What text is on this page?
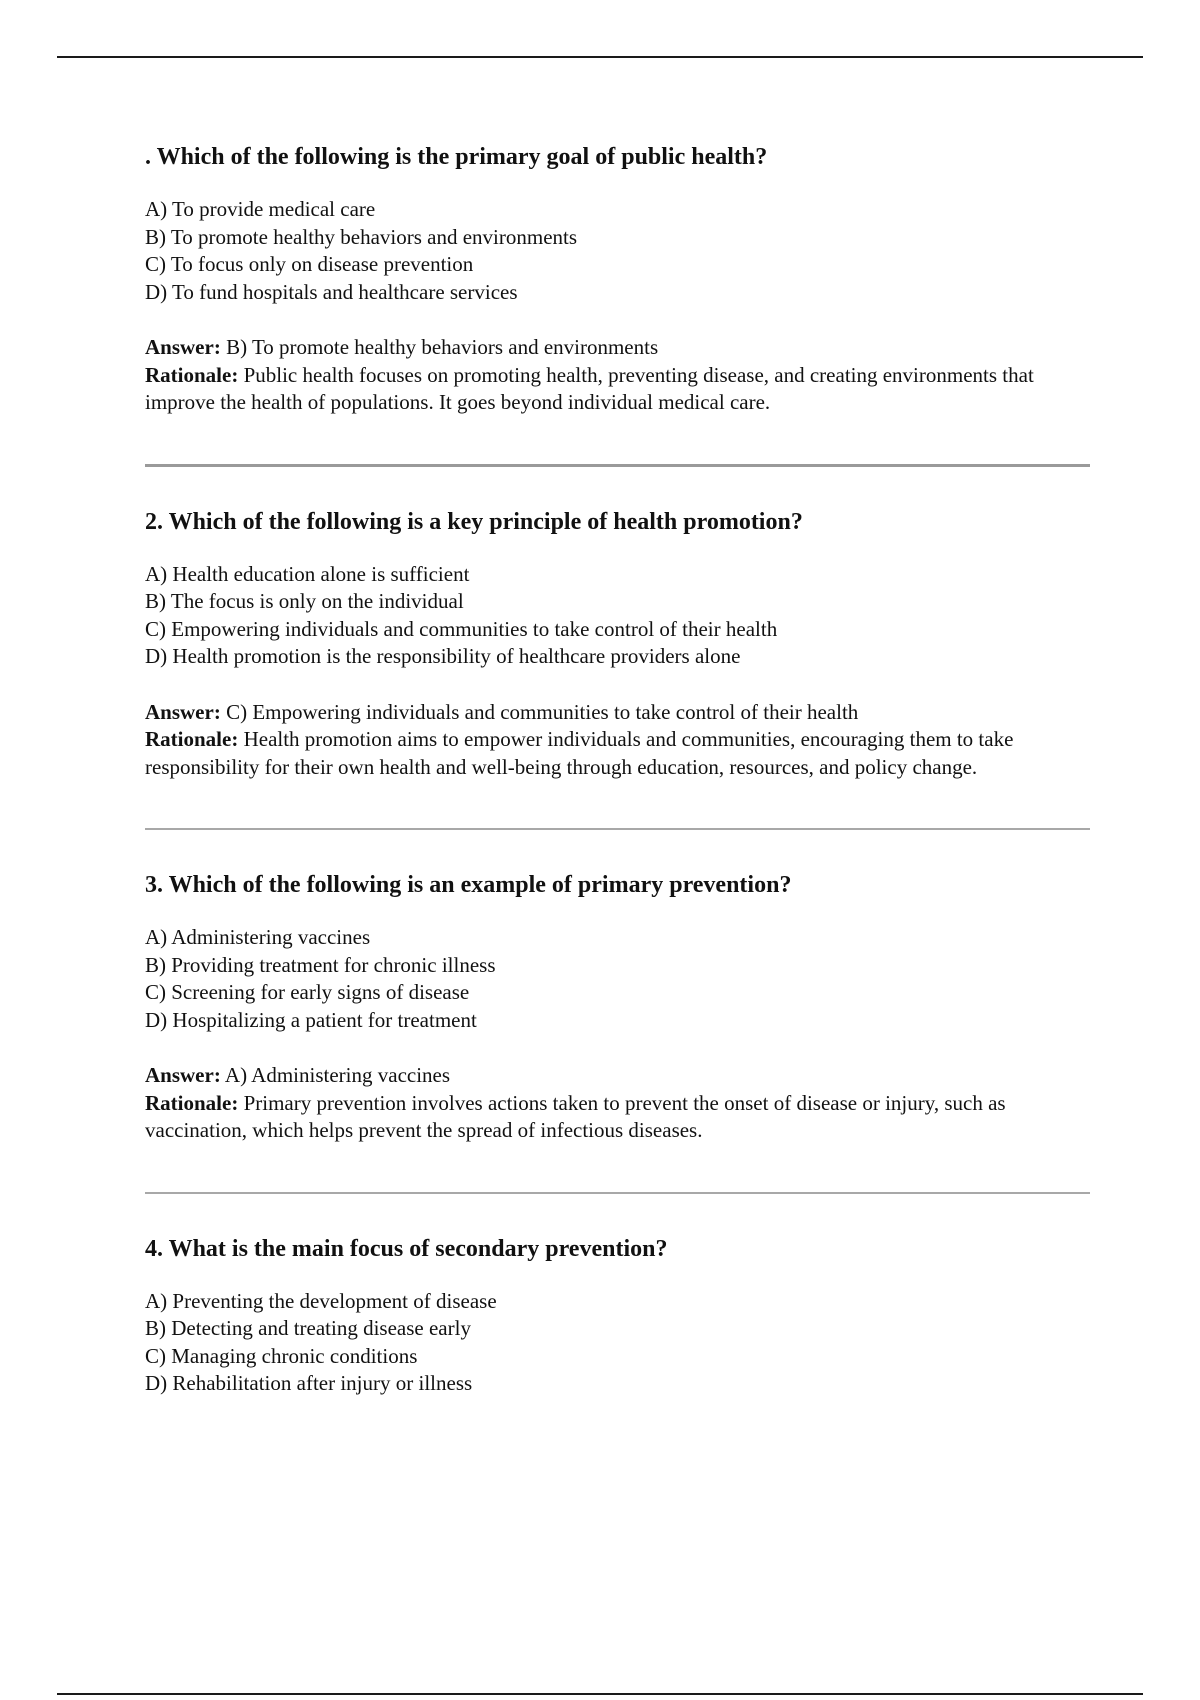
. Which of the following is the primary goal of public health?
A) To provide medical care
B) To promote healthy behaviors and environments
C) To focus only on disease prevention
D) To fund hospitals and healthcare services

Answer: B) To promote healthy behaviors and environments

Rationale: Public health focuses on promoting health, preventing disease, and creating environments that improve the health of populations. It goes beyond individual medical care.

2. Which of the following is a key principle of health promotion?
A) Health education alone is sufficient
B) The focus is only on the individual
C) Empowering individuals and communities to take control of their health
D) Health promotion is the responsibility of healthcare providers alone

Answer: C) Empowering individuals and communities to take control of their health

Rationale: Health promotion aims to empower individuals and communities, encouraging them to take responsibility for their own health and well-being through education, resources, and policy change.

3. Which of the following is an example of primary prevention?
A) Administering vaccines
B) Providing treatment for chronic illness
C) Screening for early signs of disease
D) Hospitalizing a patient for treatment

Answer: A) Administering vaccines

Rationale: Primary prevention involves actions taken to prevent the onset of disease or injury, such as vaccination, which helps prevent the spread of infectious diseases.

4. What is the main focus of secondary prevention?
A) Preventing the development of disease
B) Detecting and treating disease early
C) Managing chronic conditions
D) Rehabilitation after injury or illness
